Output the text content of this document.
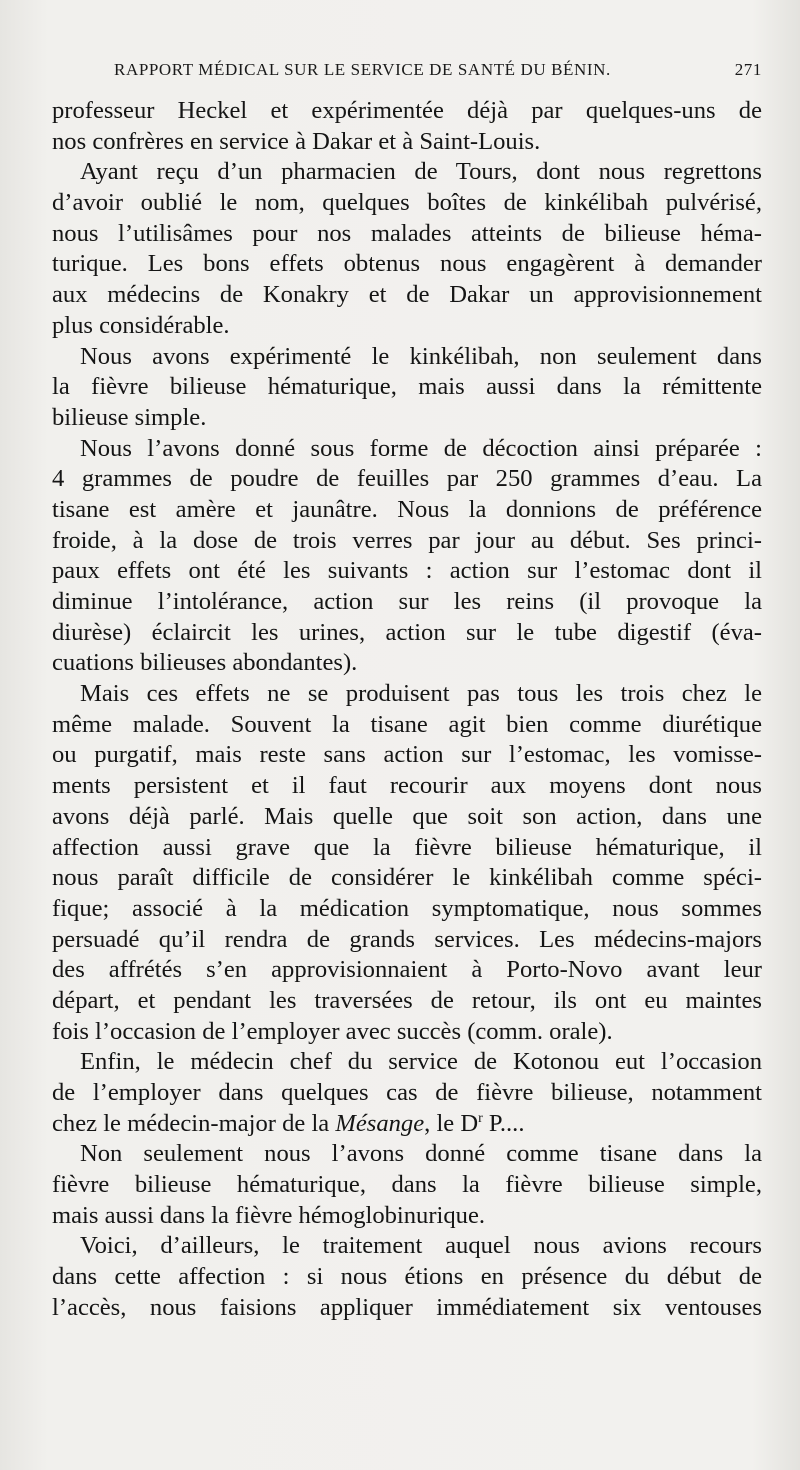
RAPPORT MÉDICAL SUR LE SERVICE DE SANTÉ DU BÉNIN.	271
professeur Heckel et expérimentée déjà par quelques-uns de
nos confrères en service à Dakar et à Saint-Louis.
Ayant reçu d’un pharmacien de Tours, dont nous regrettons
d’avoir oublié le nom, quelques boîtes de kinkélibah pulvérisé,
nous l’utilisâmes pour nos malades atteints de bilieuse héma-
turique. Les bons effets obtenus nous engagèrent à demander
aux médecins de Konakry et de Dakar un approvisionnement
plus considérable.
Nous avons expérimenté le kinkélibah, non seulement dans
la fièvre bilieuse hématurique, mais aussi dans la rémittente
bilieuse simple.
Nous l’avons donné sous forme de décoction ainsi préparée :
4 grammes de poudre de feuilles par 250 grammes d’eau. La
tisane est amère et jaunâtre. Nous la donnions de préférence
froide, à la dose de trois verres par jour au début. Ses princi-
paux effets ont été les suivants : action sur l’estomac dont il
diminue l’intolérance, action sur les reins (il provoque la
diurèse) éclaircit les urines, action sur le tube digestif (éva-
cuations bilieuses abondantes).
Mais ces effets ne se produisent pas tous les trois chez le
même malade. Souvent la tisane agit bien comme diurétique
ou purgatif, mais reste sans action sur l’estomac, les vomisse-
ments persistent et il faut recourir aux moyens dont nous
avons déjà parlé. Mais quelle que soit son action, dans une
affection aussi grave que la fièvre bilieuse hématurique, il
nous paraît difficile de considérer le kinkélibah comme spéci-
fique; associé à la médication symptomatique, nous sommes
persuadé qu’il rendra de grands services. Les médecins-majors
des affrétés s’en approvisionnaient à Porto-Novo avant leur
départ, et pendant les traversées de retour, ils ont eu maintes
fois l’occasion de l’employer avec succès (comm. orale).
Enfin, le médecin chef du service de Kotonou eut l’occasion
de l’employer dans quelques cas de fièvre bilieuse, notamment
chez le médecin-major de la Mésange, le $D^r$ P....
Non seulement nous l’avons donné comme tisane dans la
fièvre bilieuse hématurique, dans la fièvre bilieuse simple,
mais aussi dans la fièvre hémoglobinurique.
Voici, d’ailleurs, le traitement auquel nous avions recours
dans cette affection : si nous étions en présence du début de
l’accès, nous faisions appliquer immédiatement six ventouses
